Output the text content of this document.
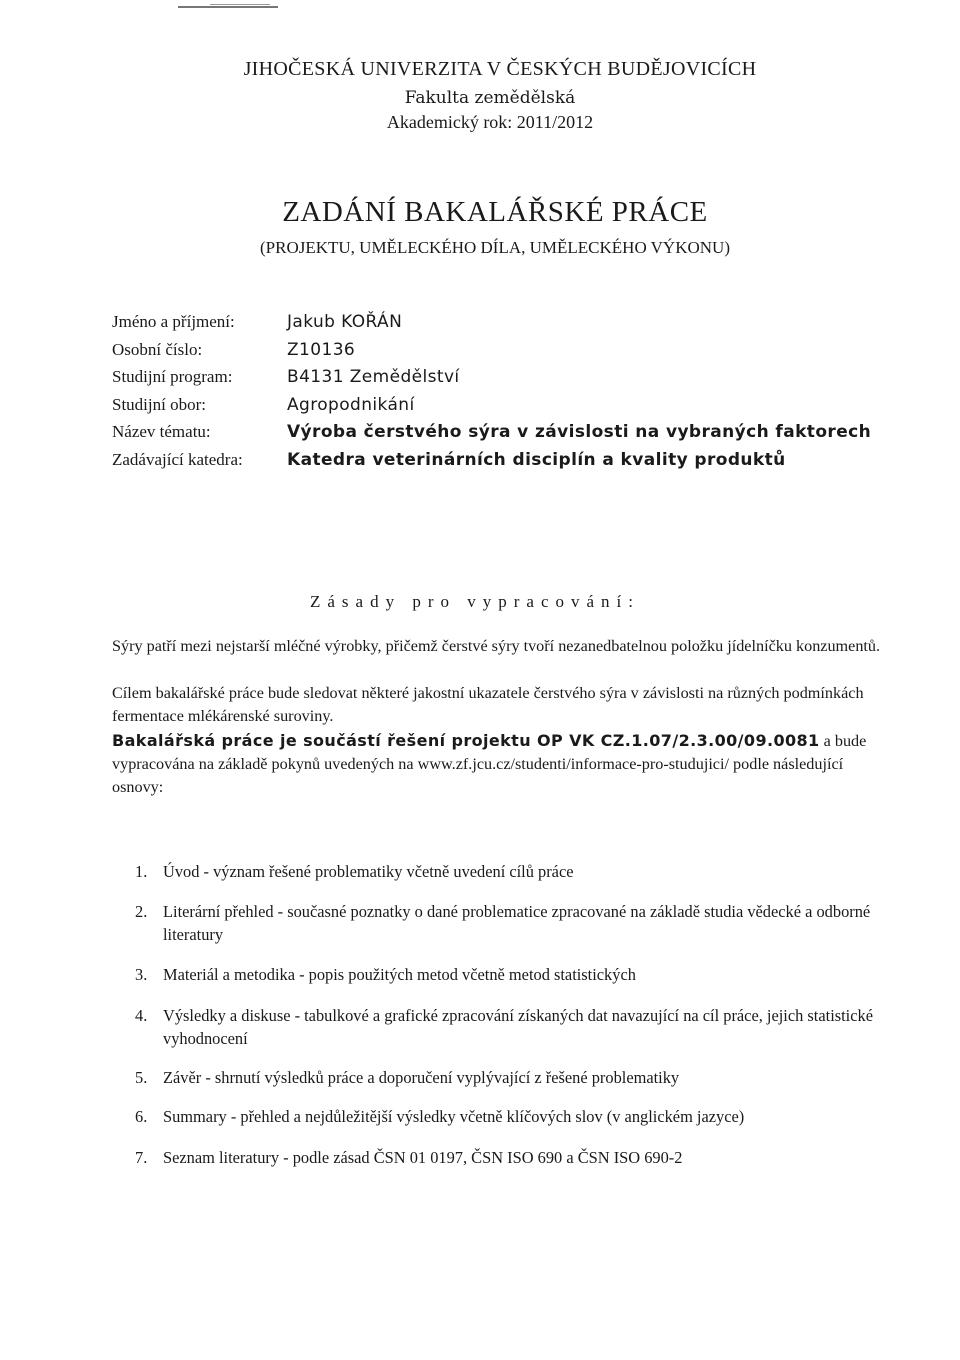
JIHOČESKÁ UNIVERZITA V ČESKÝCH BUDĚJOVICÍCH
Fakulta zemědělská
Akademický rok: 2011/2012
ZADÁNÍ BAKALÁŘSKÉ PRÁCE
(PROJEKTU, UMĚLECKÉHO DÍLA, UMĚLECKÉHO VÝKONU)
Jméno a příjmení:	Jakub KOŘÁN
Osobní číslo:	Z10136
Studijní program:	B4131 Zemědělství
Studijní obor:	Agropodnikání
Název tématu:	Výroba čerstvého sýra v závislosti na vybraných faktorech
Zadávající katedra:	Katedra veterinárních disciplín a kvality produktů
Zásady pro vypracování:
Sýry patří mezi nejstarší mléčné výrobky, přičemž čerstvé sýry tvoří nezanedbatelnou položku jídelníčku konzumentů.
Cílem bakalářské práce bude sledovat některé jakostní ukazatele čerstvého sýra v závislosti na různých podmínkách fermentace mlékárenské suroviny.
Bakalářská práce je součástí řešení projektu OP VK CZ.1.07/2.3.00/09.0081 a bude vypracována na základě pokynů uvedených na www.zf.jcu.cz/studenti/informace-pro-studujici/ podle následující osnovy:
1. Úvod - význam řešené problematiky včetně uvedení cílů práce
2. Literární přehled - současné poznatky o dané problematice zpracované na základě studia vědecké a odborné literatury
3. Materiál a metodika - popis použitých metod včetně metod statistických
4. Výsledky a diskuse - tabulkové a grafické zpracování získaných dat navazující na cíl práce, jejich statistické vyhodnocení
5. Závěr - shrnutí výsledků práce a doporučení vyplývající z řešené problematiky
6. Summary - přehled a nejdůležitější výsledky včetně klíčových slov (v anglickém jazyce)
7. Seznam literatury - podle zásad ČSN 01 0197, ČSN ISO 690 a ČSN ISO 690-2
